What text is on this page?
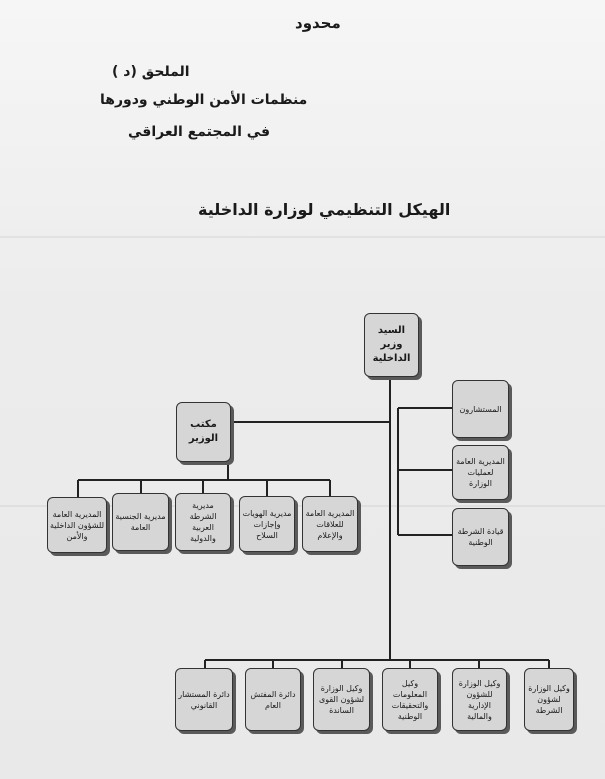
محدود
الملحق (د )
منظمات الأمن الوطني ودورها
في المجتمع العراقي
الهيكل التنظيمي لوزارة الداخلية
السيد وزير الداخلية
مكتب الوزير
المستشارون
المديرية العامة لعمليات الوزارة
قيادة الشرطة الوطنية
المديرية العامة للعلاقات والإعلام
مديرية الهويات وإجازات السلاح
مديرية الشرطة العربية والدولية
مديرية الجنسية العامة
المديرية العامة للشؤون الداخلية والأمن
وكيل الوزارة لشؤون الشرطة
وكيل الوزارة للشؤون الإدارية والمالية
وكيل المعلومات والتحقيقات الوطنية
وكيل الوزارة لشؤون القوى الساندة
دائرة المفتش العام
دائرة المستشار القانوني
